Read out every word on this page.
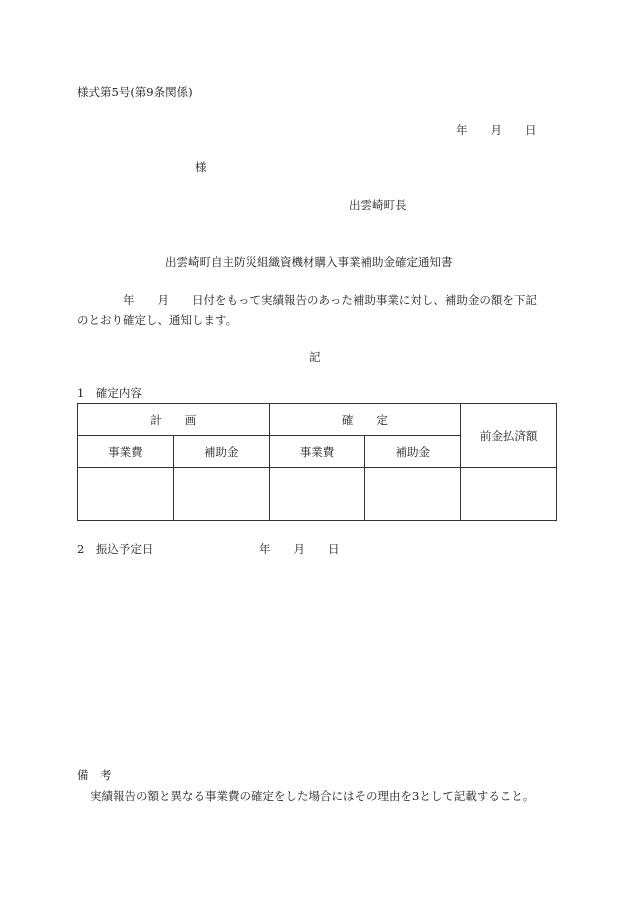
様式第5号(第9条関係)
年　　月　　日
様
出雲崎町長
出雲崎町自主防災組織資機材購入事業補助金確定通知書
年　　月　　日付をもって実績報告のあった補助事業に対し、補助金の額を下記
のとおり確定し、通知します。
記
1　確定内容
計　　画		確　　定		前金払済額
事業費	補助金	事業費	補助金	

2　振込予定日	年　　月　　日
備　考
実績報告の額と異なる事業費の確定をした場合にはその理由を3として記載すること。
